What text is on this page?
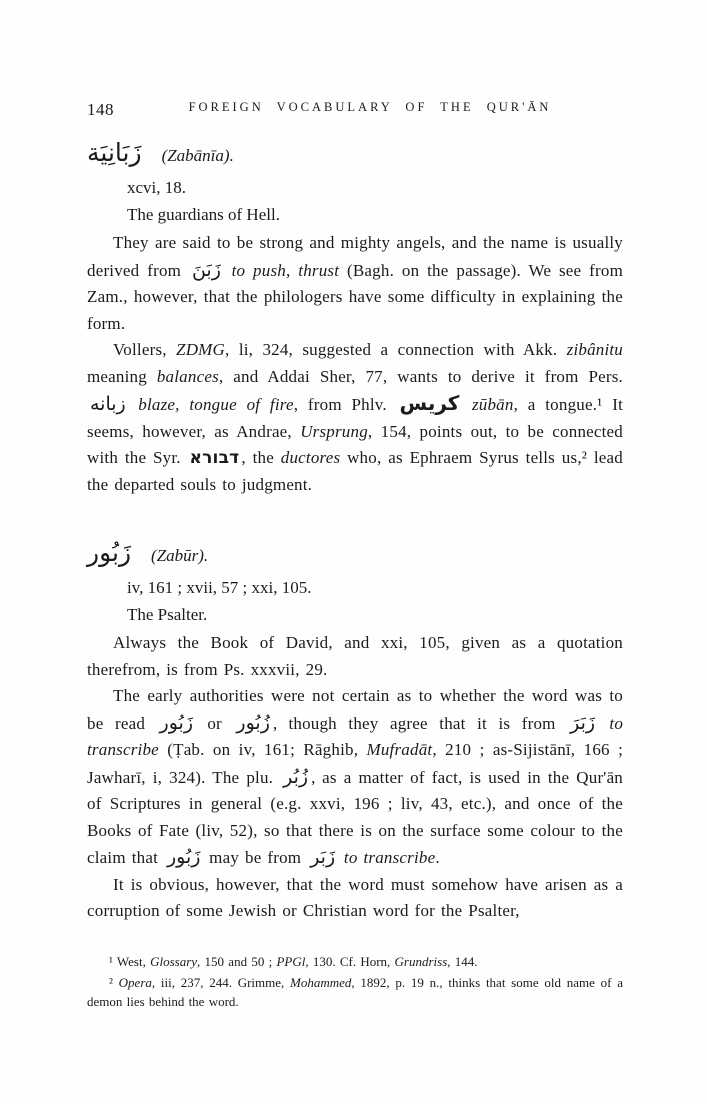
148	FOREIGN VOCABULARY OF THE QUR'ĀN
زَبَانِيَة (Zabānīa).

xcvi, 18.

The guardians of Hell.

They are said to be strong and mighty angels, and the name is usually derived from زَبَنَ to push, thrust (Bagh. on the passage). We see from Zam., however, that the philologers have some difficulty in explaining the form.

Vollers, ZDMG, li, 324, suggested a connection with Akk. zibânitu meaning balances, and Addai Sher, 77, wants to derive it from Pers. زبانه blaze, tongue of fire, from Phlv. كريس zūbān, a tongue.¹ It seems, however, as Andrae, Ursprung, 154, points out, to be connected with the Syr. דבורא , the ductores who, as Ephraem Syrus tells us,² lead the departed souls to judgment.

زَبُور (Zabūr).

iv, 161 ; xvii, 57 ; xxi, 105.

The Psalter.

Always the Book of David, and xxi, 105, given as a quotation therefrom, is from Ps. xxxvii, 29.

The early authorities were not certain as to whether the word was to be read زَبُور or زُبُور , though they agree that it is from زَبَرَ to transcribe (Ṭab. on iv, 161; Rāghib, Mufradāt, 210 ; as-Sijistānī, 166 ; Jawharī, i, 324). The plu. زُبُر , as a matter of fact, is used in the Qur'ān of Scriptures in general (e.g. xxvi, 196 ; liv, 43, etc.), and once of the Books of Fate (liv, 52), so that there is on the surface some colour to the claim that زَبُور may be from زَبَر to transcribe.

It is obvious, however, that the word must somehow have arisen as a corruption of some Jewish or Christian word for the Psalter,

¹ West, Glossary, 150 and 50 ; PPGl, 130. Cf. Horn, Grundriss, 144.

² Opera, iii, 237, 244. Grimme, Mohammed, 1892, p. 19 n., thinks that some old name of a demon lies behind the word.
